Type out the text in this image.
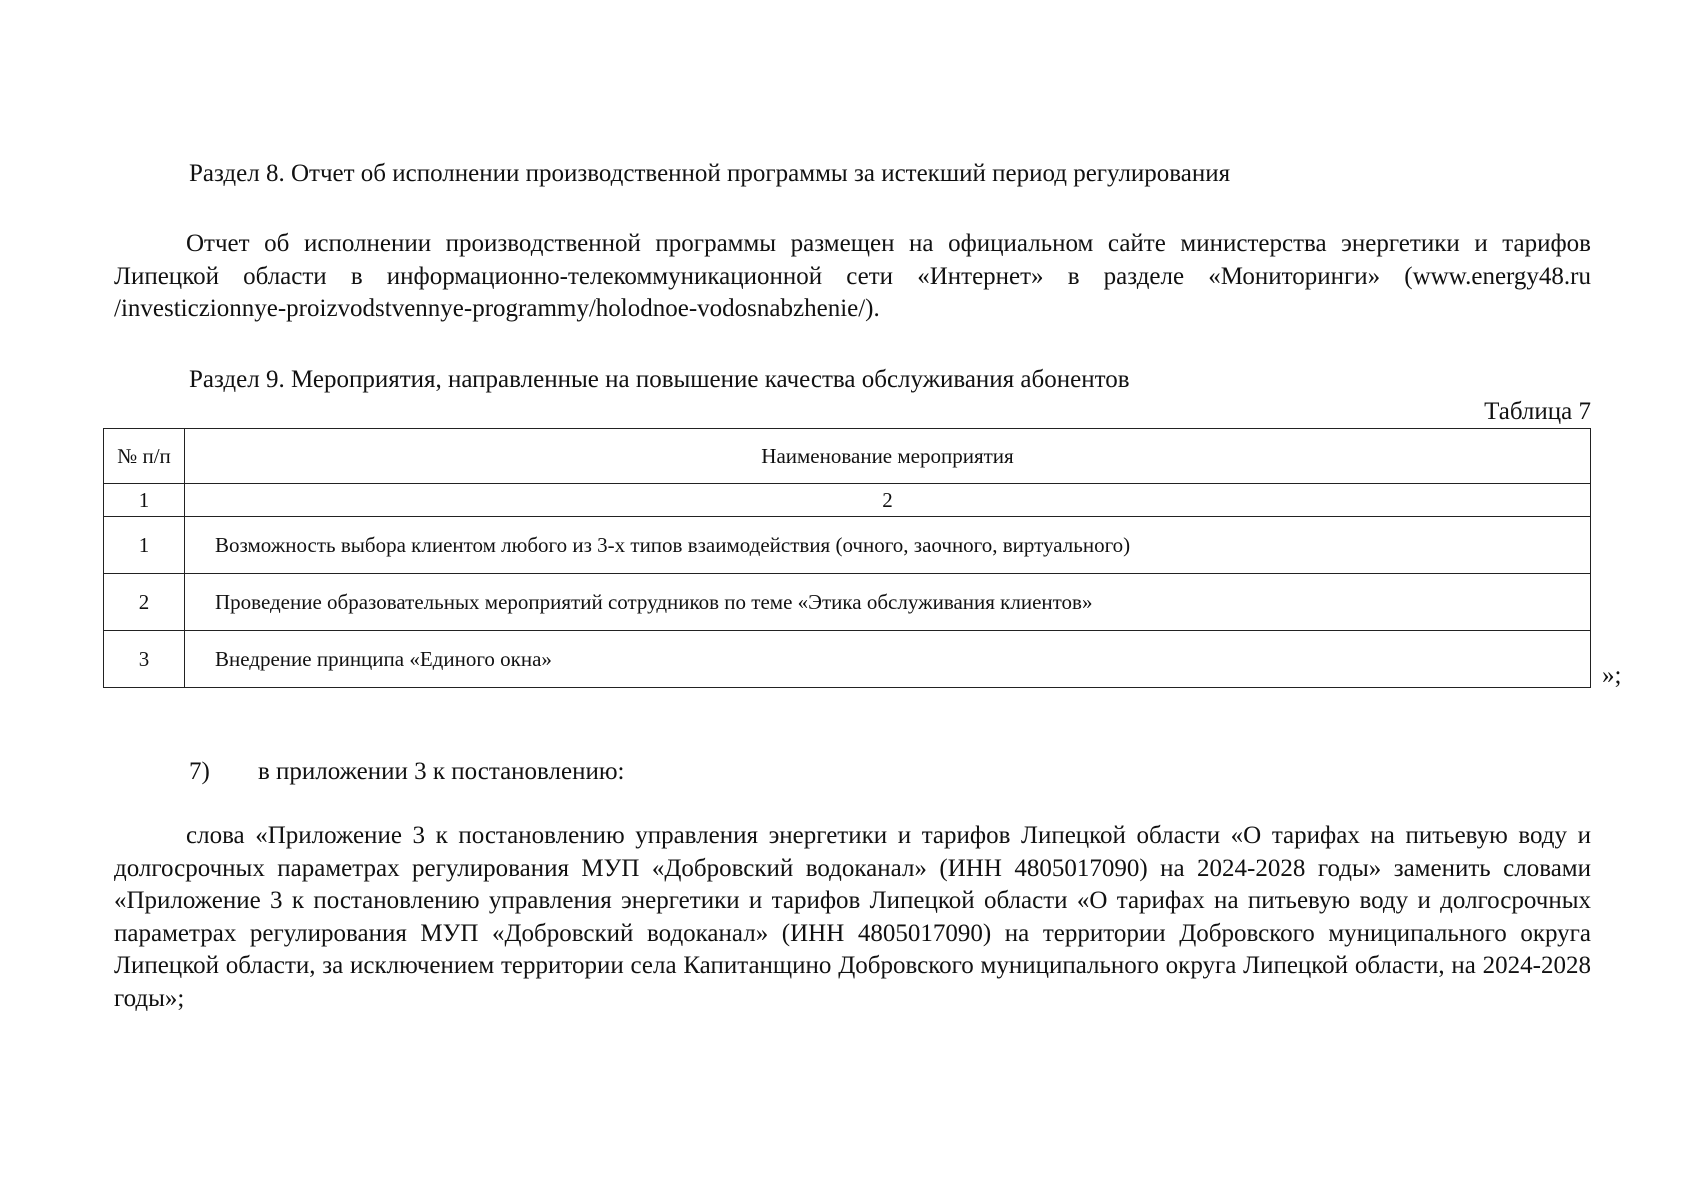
Раздел 8. Отчет об исполнении производственной программы за истекший период регулирования
Отчет об исполнении производственной программы размещен на официальном сайте министерства энергетики и тарифов Липецкой области в информационно-телекоммуникационной сети «Интернет» в разделе «Мониторинги» (www.energy48.ru /investiczionnye-proizvodstvennye-programmy/holodnoe-vodosnabzhenie/).
Раздел 9. Мероприятия, направленные на повышение качества обслуживания абонентов
Таблица 7
№ п/п	Наименование мероприятия
1	2
1	Возможность выбора клиентом любого из 3-х типов взаимодействия (очного, заочного, виртуального)
2	Проведение образовательных мероприятий сотрудников по теме «Этика обслуживания клиентов»
3	Внедрение принципа «Единого окна»
»;
7) в приложении 3 к постановлению:
слова «Приложение 3 к постановлению управления энергетики и тарифов Липецкой области «О тарифах на питьевую воду и долгосрочных параметрах регулирования МУП «Добровский водоканал» (ИНН 4805017090) на 2024-2028 годы» заменить словами «Приложение 3 к постановлению управления энергетики и тарифов Липецкой области «О тарифах на питьевую воду и долгосрочных параметрах регулирования МУП «Добровский водоканал» (ИНН 4805017090) на территории Добровского муниципального округа Липецкой области, за исключением территории села Капитанщино Добровского муниципального округа Липецкой области, на 2024-2028 годы»;
